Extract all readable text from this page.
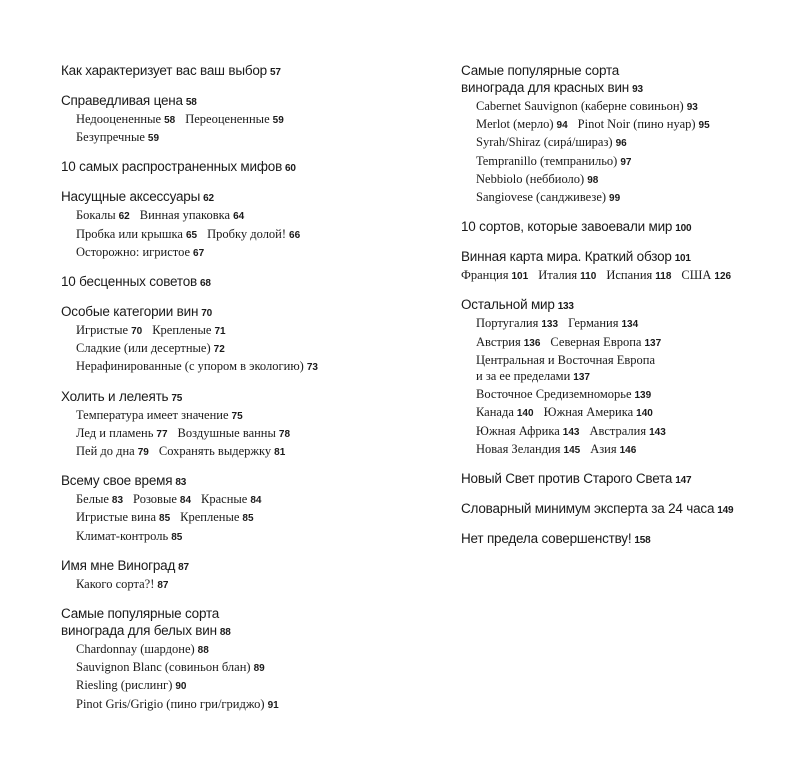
Как характеризует вас ваш выбор 57
Справедливая цена 58
Недооцененные 58 Переоцененные 59
Безупречные 59
10 самых распространенных мифов 60
Насущные аксессуары 62
Бокалы 62 Винная упаковка 64
Пробка или крышка 65 Пробку долой! 66
Осторожно: игристое 67
10 бесценных советов 68
Особые категории вин 70
Игристые 70 Крепленые 71
Сладкие (или десертные) 72
Нерафинированные (с упором в экологию) 73
Холить и лелеять 75
Температура имеет значение 75
Лед и пламень 77 Воздушные ванны 78
Пей до дна 79 Сохранять выдержку 81
Всему свое время 83
Белые 83 Розовые 84 Красные 84
Игристые вина 85 Крепленые 85
Климат-контроль 85
Имя мне Виноград 87
Какого сорта?! 87
Самые популярные сорта
винограда для белых вин 88
Chardonnay (шардоне) 88
Sauvignon Blanc (совиньон блан) 89
Riesling (рислинг) 90
Pinot Gris/Grigio (пино гри/гриджо) 91
Самые популярные сорта
винограда для красных вин 93
Cabernet Sauvignon (каберне совиньон) 93
Merlot (мерло) 94 Pinot Noir (пино нуар) 95
Syrah/Shiraz (сирá/шираз) 96
Tempranillo (темпранильо) 97
Nebbiolo (неббиоло) 98
Sangiovese (сандживезе) 99
10 сортов, которые завоевали мир 100
Винная карта мира. Краткий обзор 101
Франция 101 Италия 110 Испания 118 США 126
Остальной мир 133
Португалия 133 Германия 134
Австрия 136 Северная Европа 137
Центральная и Восточная Европа
и за ее пределами 137
Восточное Средиземноморье 139
Канада 140 Южная Америка 140
Южная Африка 143 Австралия 143
Новая Зеландия 145 Азия 146
Новый Свет против Старого Света 147
Словарный минимум эксперта за 24 часа 149
Нет предела совершенству! 158
